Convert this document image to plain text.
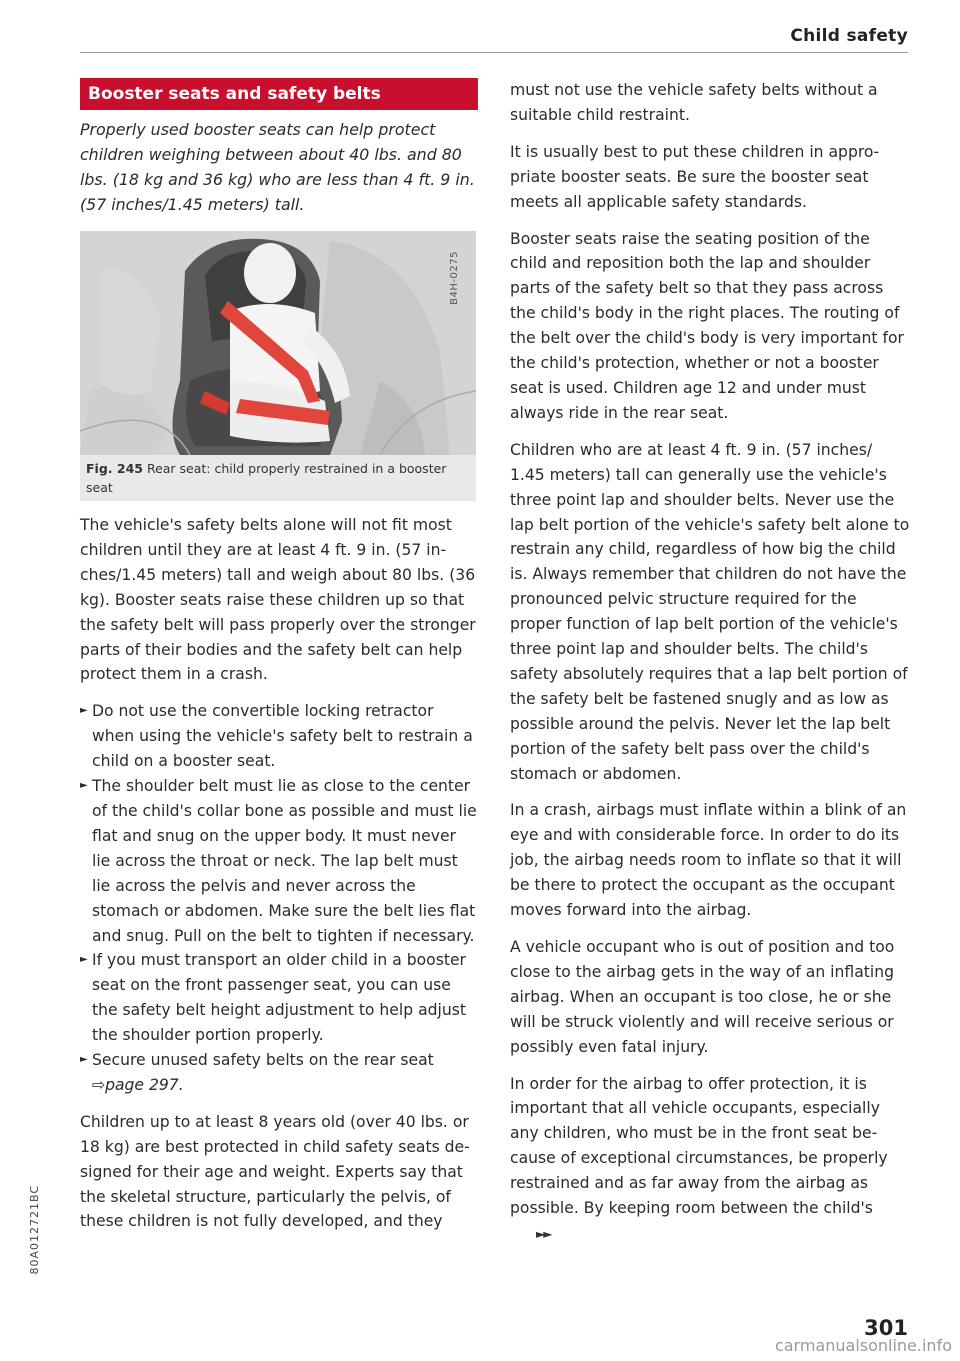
Child safety
Booster seats and safety belts

Properly used booster seats can help protect children weighing between about 40 lbs. and 80 lbs. (18 kg and 36 kg) who are less than 4 ft. 9 in. (57 inches/1.45 meters) tall.

B4H-0275
Fig. 245 Rear seat: child properly restrained in a booster seat

The vehicle's safety belts alone will not fit most children until they are at least 4 ft. 9 in. (57 inches/1.45 meters) tall and weigh about 80 lbs. (36 kg). Booster seats raise these children up so that the safety belt will pass properly over the stronger parts of their bodies and the safety belt can help protect them in a crash.

► Do not use the convertible locking retractor when using the vehicle's safety belt to restrain a child on a booster seat.
► The shoulder belt must lie as close to the center of the child's collar bone as possible and must lie flat and snug on the upper body. It must never lie across the throat or neck. The lap belt must lie across the pelvis and never across the stomach or abdomen. Make sure the belt lies flat and snug. Pull on the belt to tighten if necessary.
► If you must transport an older child in a booster seat on the front passenger seat, you can use the safety belt height adjustment to help adjust the shoulder portion properly.
► Secure unused safety belts on the rear seat
⇨page 297.

Children up to at least 8 years old (over 40 lbs. or 18 kg) are best protected in child safety seats designed for their age and weight. Experts say that the skeletal structure, particularly the pelvis, of these children is not fully developed, and they

must not use the vehicle safety belts without a suitable child restraint.

It is usually best to put these children in appropriate booster seats. Be sure the booster seat meets all applicable safety standards.

Booster seats raise the seating position of the child and reposition both the lap and shoulder parts of the safety belt so that they pass across the child's body in the right places. The routing of the belt over the child's body is very important for the child's protection, whether or not a booster seat is used. Children age 12 and under must always ride in the rear seat.

Children who are at least 4 ft. 9 in. (57 inches/ 1.45 meters) tall can generally use the vehicle's three point lap and shoulder belts. Never use the lap belt portion of the vehicle's safety belt alone to restrain any child, regardless of how big the child is. Always remember that children do not have the pronounced pelvic structure required for the proper function of lap belt portion of the vehicle's three point lap and shoulder belts. The child's safety absolutely requires that a lap belt portion of the safety belt be fastened snugly and as low as possible around the pelvis. Never let the lap belt portion of the safety belt pass over the child's stomach or abdomen.

In a crash, airbags must inflate within a blink of an eye and with considerable force. In order to do its job, the airbag needs room to inflate so that it will be there to protect the occupant as the occupant moves forward into the airbag.

A vehicle occupant who is out of position and too close to the airbag gets in the way of an inflating airbag. When an occupant is too close, he or she will be struck violently and will receive serious or possibly even fatal injury.

In order for the airbag to offer protection, it is important that all vehicle occupants, especially any children, who must be in the front seat because of exceptional circumstances, be properly restrained and as far away from the airbag as possible. By keeping room between the child's►►

80A012721BC
301
carmanualsonline.info
